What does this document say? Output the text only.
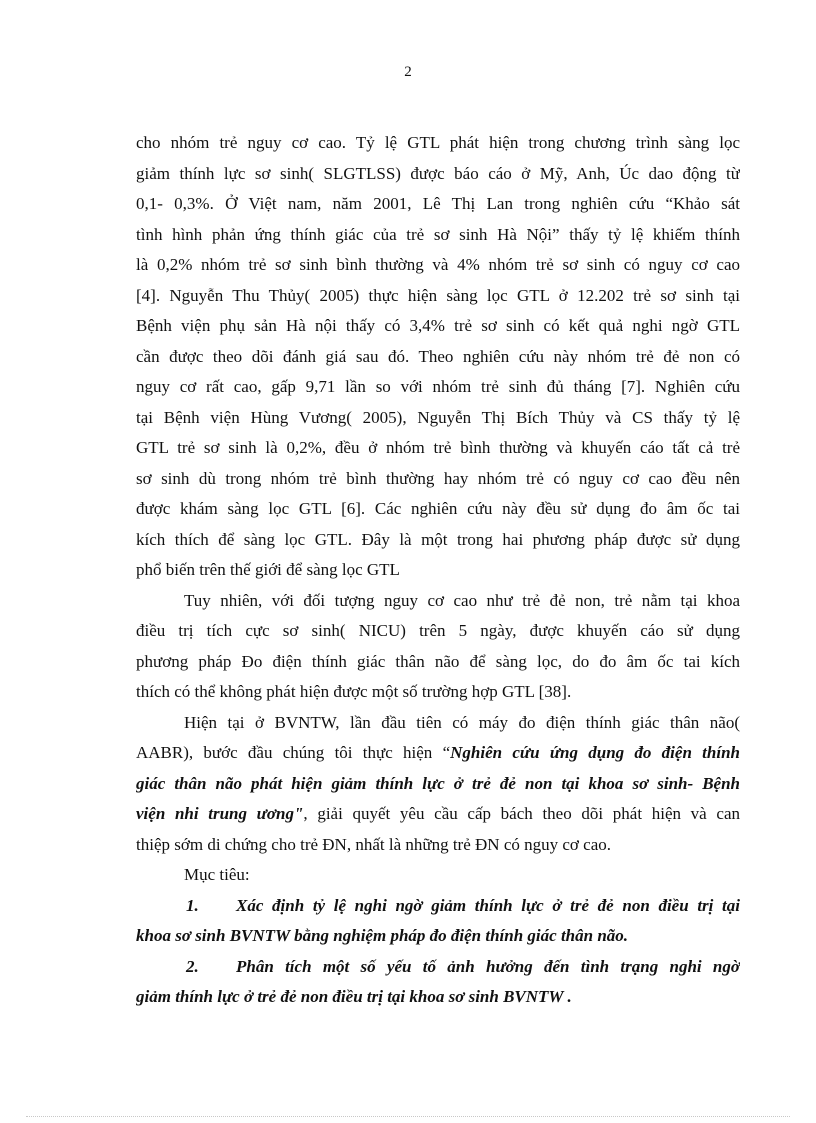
2
cho nhóm trẻ nguy cơ cao. Tỷ lệ GTL phát hiện trong chương trình sàng lọc
giảm thính lực sơ sinh( SLGTLSS) được báo cáo ở Mỹ, Anh, Úc dao động từ
0,1- 0,3%. Ở Việt nam, năm 2001, Lê Thị Lan trong nghiên cứu “Khảo sát
tình hình phản ứng thính giác của trẻ sơ sinh Hà Nội” thấy tỷ lệ khiếm thính
là 0,2% nhóm trẻ sơ sinh bình thường và 4% nhóm trẻ sơ sinh có nguy cơ cao
[4]. Nguyễn Thu Thủy( 2005) thực hiện sàng lọc GTL ở 12.202 trẻ sơ sinh tại
Bệnh viện phụ sản Hà nội thấy có 3,4% trẻ sơ sinh có kết quả nghi ngờ GTL
cần được theo dõi đánh giá sau đó. Theo nghiên cứu này nhóm trẻ đẻ non có
nguy cơ rất cao, gấp 9,71 lần so với nhóm trẻ sinh đủ tháng [7]. Nghiên cứu
tại Bệnh viện Hùng Vương( 2005), Nguyễn Thị Bích Thủy và CS thấy tỷ lệ
GTL trẻ sơ sinh là 0,2%, đều ở nhóm trẻ bình thường và khuyến cáo tất cả trẻ
sơ sinh dù trong nhóm trẻ bình thường hay nhóm trẻ có nguy cơ cao đều nên
được khám sàng lọc GTL [6]. Các nghiên cứu này đều sử dụng đo âm ốc tai
kích thích để sàng lọc GTL. Đây là một trong hai phương pháp được sử dụng
phổ biến trên thế giới để sàng lọc GTL
Tuy nhiên, với đối tượng nguy cơ cao như trẻ đẻ non, trẻ nằm tại khoa
điều trị tích cực sơ sinh( NICU) trên 5 ngày, được khuyến cáo sử dụng
phương pháp Đo điện thính giác thân não để sàng lọc, do đo âm ốc tai kích
thích có thể không phát hiện được một số trường hợp GTL [38].
Hiện tại ở BVNTW, lần đầu tiên có máy đo điện thính giác thân não(
AABR), bước đầu chúng tôi thực hiện “Nghiên cứu ứng dụng đo điện thính
giác thân não phát hiện giảm thính lực ở trẻ đẻ non tại khoa sơ sinh- Bệnh
viện nhi trung ương", giải quyết yêu cầu cấp bách theo dõi phát hiện và can
thiệp sớm di chứng cho trẻ ĐN, nhất là những trẻ ĐN có nguy cơ cao.
Mục tiêu:
1. Xác định tỷ lệ nghi ngờ giảm thính lực ở trẻ đẻ non điều trị tại
khoa sơ sinh BVNTW bằng nghiệm pháp đo điện thính giác thân não.
2. Phân tích một số yếu tố ảnh hưởng đến tình trạng nghi ngờ
giảm thính lực ở trẻ đẻ non điều trị tại khoa sơ sinh BVNTW .
